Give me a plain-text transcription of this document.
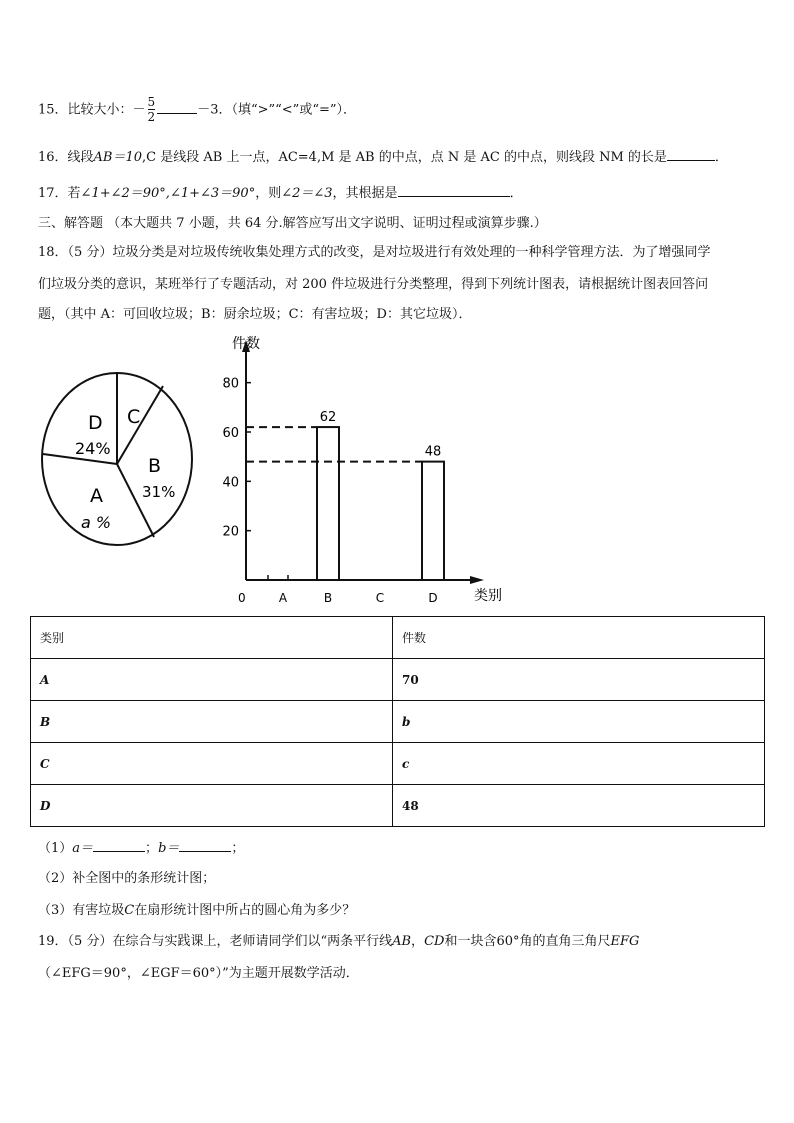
15．比较大小：－ $\frac{5}{2}$	－3．（填“>”“<”或“=”）．
16．线段AB＝10,C 是线段 AB 上一点，AC=4,M 是 AB 的中点，点 N 是 AC 的中点，则线段 NM 的长是	．
17．若∠1+∠2＝90°,∠1+∠3＝90°，则∠2＝∠3，其根据是	．
三、解答题 （本大题共 7 小题，共 64 分.解答应写出文字说明、证明过程或演算步骤.）
18．（5 分）垃圾分类是对垃圾传统收集处理方式的改变，是对垃圾进行有效处理的一种科学管理方法．为了增强同学
们垃圾分类的意识，某班举行了专题活动，对 200 件垃圾进行分类整理，得到下列统计图表，请根据统计图表回答问
题，（其中 A：可回收垃圾；B：厨余垃圾；C：有害垃圾；D：其它垃圾）．
D
24%
C
B
31%
A
a %
20
40
60
80
A	B	C	D
62
48
件数
类别
0
类别	件数
A	70
B	b
C	c
D	48
（1）a＝	；b＝	；
（2）补全图中的条形统计图；
（3）有害垃圾C在扇形统计图中所占的圆心角为多少？
19．（5 分）在综合与实践课上，老师请同学们以“两条平行线AB，CD和一块含60°角的直角三角尺EFG
（∠EFG＝90°，∠EGF＝60°）”为主题开展数学活动．
